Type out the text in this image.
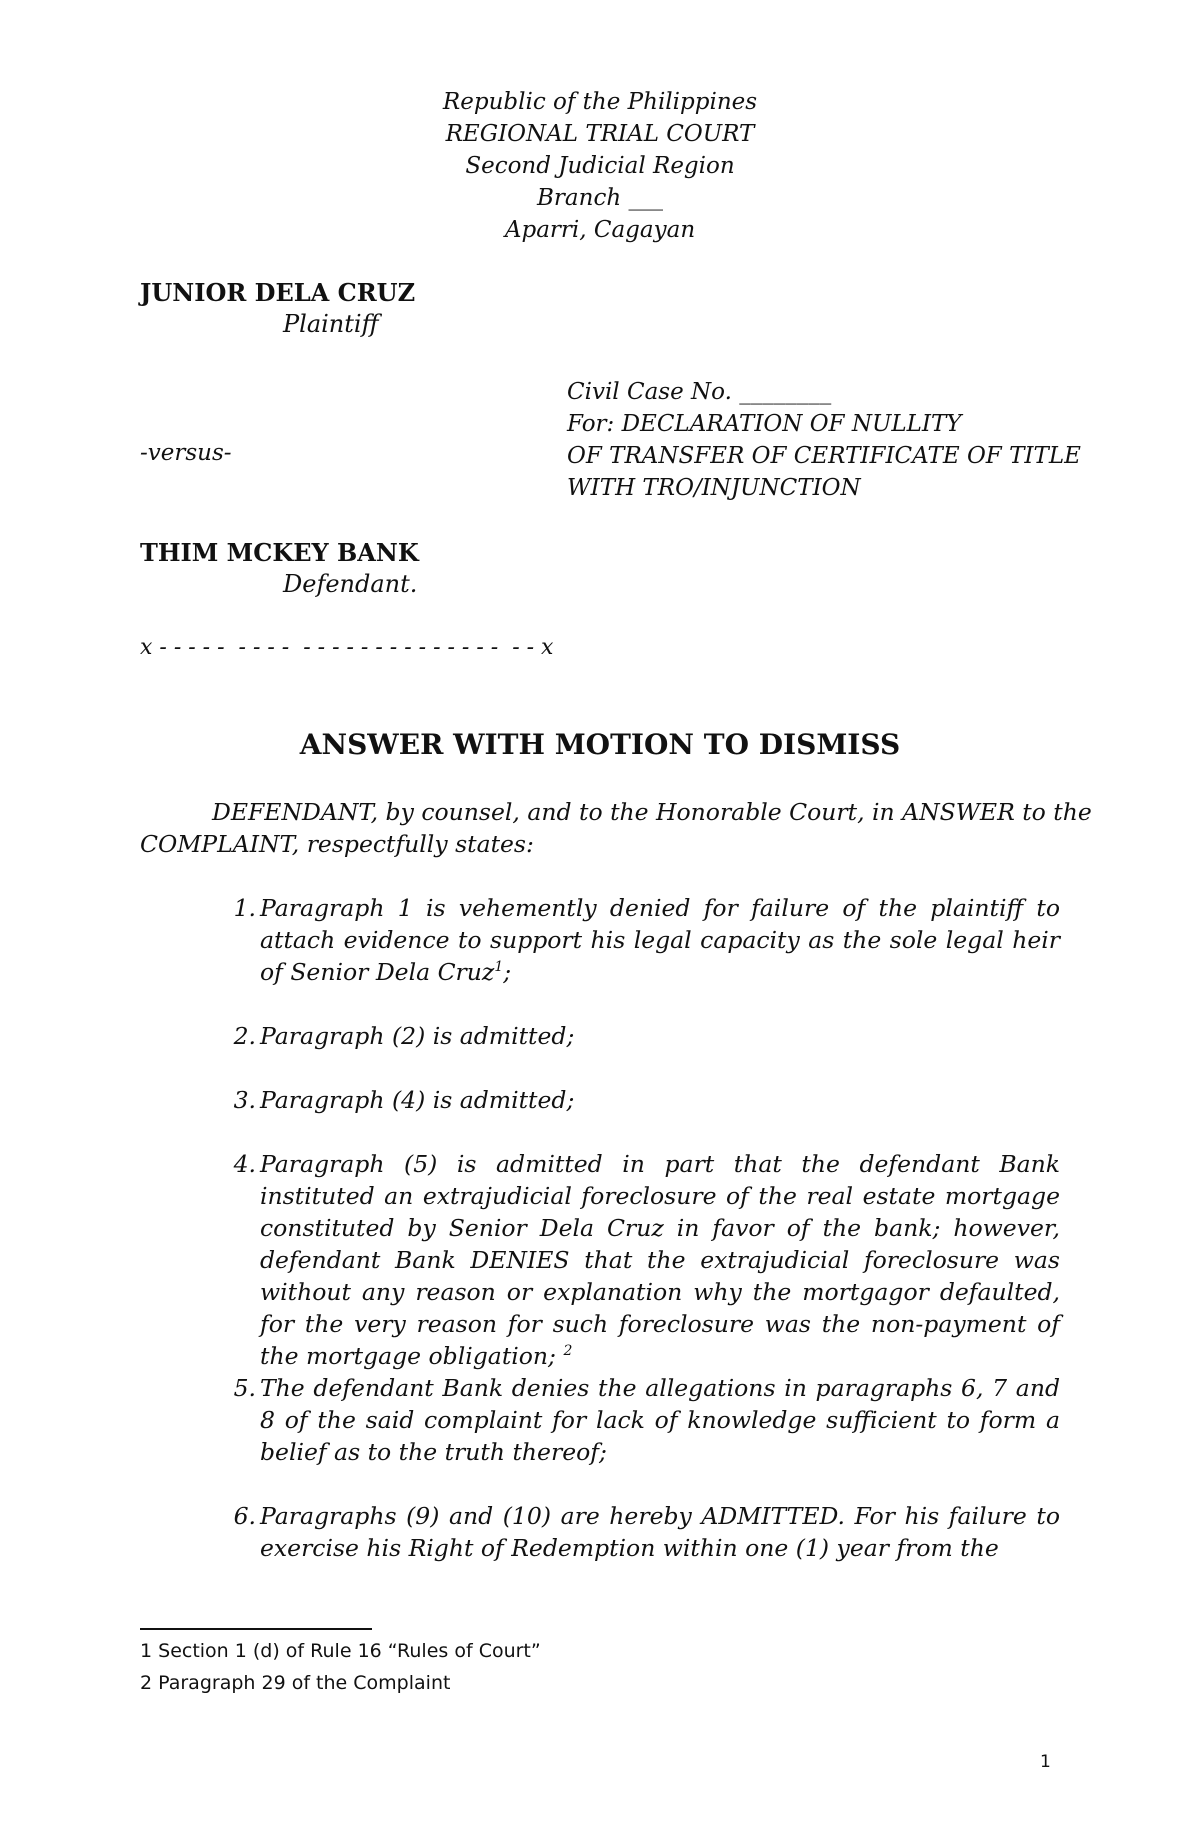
Republic of the Philippines
REGIONAL TRIAL COURT
Second Judicial Region
Branch ___
Aparri, Cagayan
JUNIOR DELA CRUZ
Plaintiff
-versus-
THIM MCKEY BANK
Defendant.
Civil Case No. ________
For: DECLARATION OF NULLITY
OF TRANSFER OF CERTIFICATE OF TITLE
WITH TRO/INJUNCTION
x - - - - -  - - - -  - - - - - - - - - - - - - -  - - x
ANSWER WITH MOTION TO DISMISS
DEFENDANT, by counsel, and to the Honorable Court, in ANSWER to the
COMPLAINT, respectfully states:
1. Paragraph 1 is vehemently denied for failure of the plaintiff to attach evidence to support his legal capacity as the sole legal heir of Senior Dela Cruz$^1$;
2. Paragraph (2) is admitted;
3. Paragraph (4) is admitted;
4. Paragraph (5) is admitted in part that the defendant Bank instituted an extrajudicial foreclosure of the real estate mortgage constituted by Senior Dela Cruz in favor of the bank; however, defendant Bank DENIES that the extrajudicial foreclosure was without any reason or explanation why the mortgagor defaulted, for the very reason for such foreclosure was the non-payment of the mortgage obligation; $^2$
5. The defendant Bank denies the allegations in paragraphs 6, 7 and 8 of the said complaint for lack of knowledge sufficient to form a belief as to the truth thereof;
6. Paragraphs (9) and (10) are hereby ADMITTED. For his failure to exercise his Right of Redemption within one (1) year from the
1 Section 1 (d) of Rule 16 “Rules of Court”
2 Paragraph 29 of the Complaint
1
